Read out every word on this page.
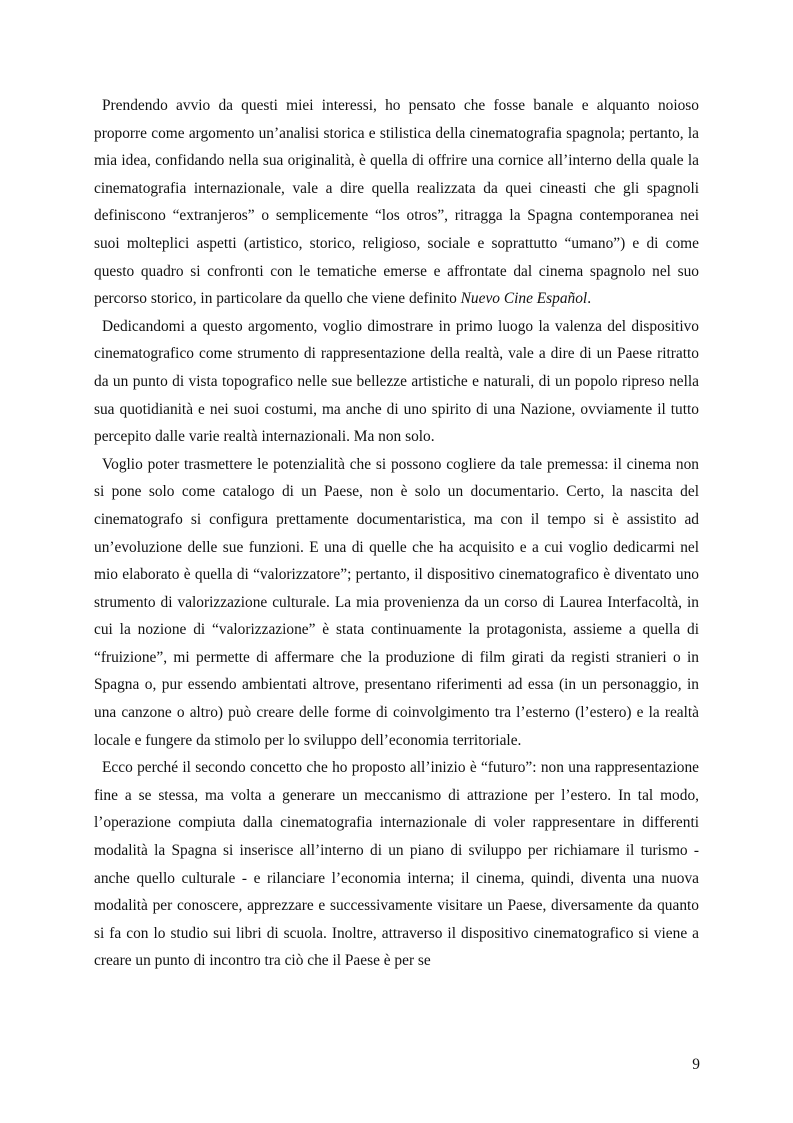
Prendendo avvio da questi miei interessi, ho pensato che fosse banale e alquanto noioso proporre come argomento un’analisi storica e stilistica della cinematografia spagnola; pertanto, la mia idea, confidando nella sua originalità, è quella di offrire una cornice all’interno della quale la cinematografia internazionale, vale a dire quella realizzata da quei cineasti che gli spagnoli definiscono “extranjeros” o semplicemente “los otros”, ritragga la Spagna contemporanea nei suoi molteplici aspetti (artistico, storico, religioso, sociale e soprattutto “umano”) e di come questo quadro si confronti con le tematiche emerse e affrontate dal cinema spagnolo nel suo percorso storico, in particolare da quello che viene definito Nuevo Cine Español.

Dedicandomi a questo argomento, voglio dimostrare in primo luogo la valenza del dispositivo cinematografico come strumento di rappresentazione della realtà, vale a dire di un Paese ritratto da un punto di vista topografico nelle sue bellezze artistiche e naturali, di un popolo ripreso nella sua quotidianità e nei suoi costumi, ma anche di uno spirito di una Nazione, ovviamente il tutto percepito dalle varie realtà internazionali. Ma non solo.

Voglio poter trasmettere le potenzialità che si possono cogliere da tale premessa: il cinema non si pone solo come catalogo di un Paese, non è solo un documentario. Certo, la nascita del cinematografo si configura prettamente documentaristica, ma con il tempo si è assistito ad un’evoluzione delle sue funzioni. E una di quelle che ha acquisito e a cui voglio dedicarmi nel mio elaborato è quella di “valorizzatore”; pertanto, il dispositivo cinematografico è diventato uno strumento di valorizzazione culturale. La mia provenienza da un corso di Laurea Interfacoltà, in cui la nozione di “valorizzazione” è stata continuamente la protagonista, assieme a quella di “fruizione”, mi permette di affermare che la produzione di film girati da registi stranieri o in Spagna o, pur essendo ambientati altrove, presentano riferimenti ad essa (in un personaggio, in una canzone o altro) può creare delle forme di coinvolgimento tra l’esterno (l’estero) e la realtà locale e fungere da stimolo per lo sviluppo dell’economia territoriale.

Ecco perché il secondo concetto che ho proposto all’inizio è “futuro”: non una rappresentazione fine a se stessa, ma volta a generare un meccanismo di attrazione per l’estero. In tal modo, l’operazione compiuta dalla cinematografia internazionale di voler rappresentare in differenti modalità la Spagna si inserisce all’interno di un piano di sviluppo per richiamare il turismo - anche quello culturale - e rilanciare l’economia interna; il cinema, quindi, diventa una nuova modalità per conoscere, apprezzare e successivamente visitare un Paese, diversamente da quanto si fa con lo studio sui libri di scuola. Inoltre, attraverso il dispositivo cinematografico si viene a creare un punto di incontro tra ciò che il Paese è per se

9
